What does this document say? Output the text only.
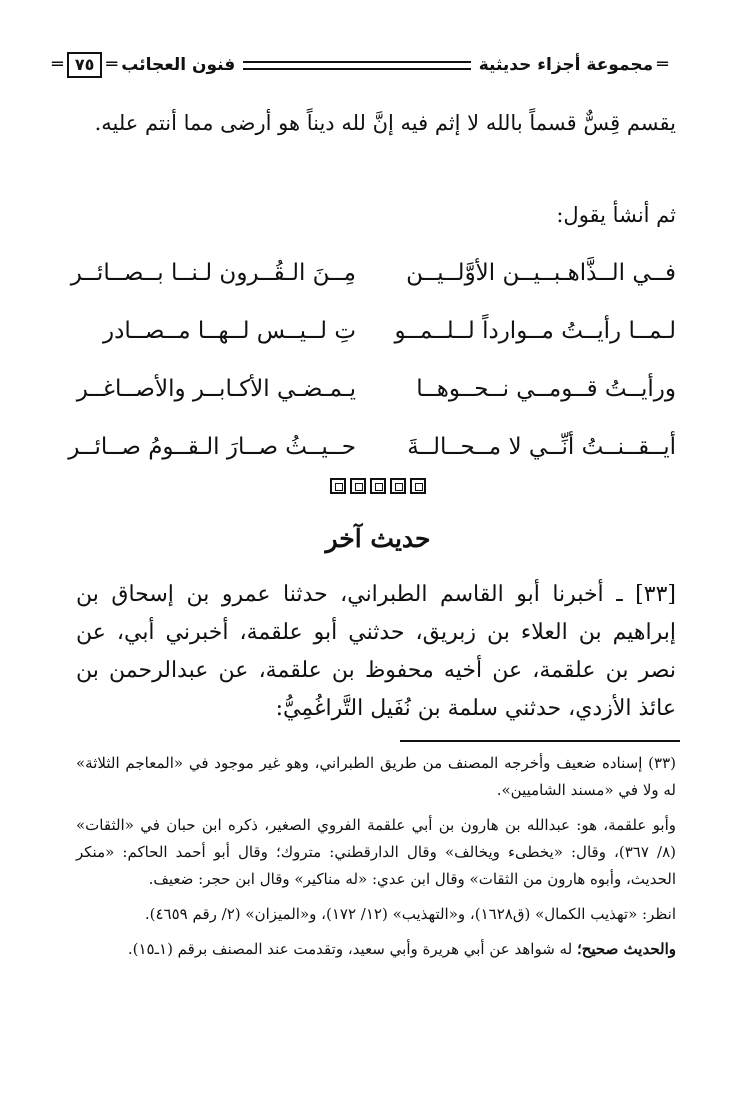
═
مجموعة أجزاء حديثية
فنون العجائب
═
٧٥
═
يقسم قِسٌّ قسماً بالله لا إثم فيه إنَّ لله ديناً هو أرضى مما أنتم عليه.
ثم أنشأ يقول:
فــي الــذَّاهـبــيــن الأوَّلــيــن
مِــنَ الـقُــرون لـنــا بــصــائــر
لـمــا رأيــتُ مــوارداً لــلــمــو
تِ لــيــس لــهــا مــصــادر
ورأيــتُ قــومــي نــحــوهــا
يـمـضـي الأكـابــر والأصــاغــر
أيــقــنــتُ أنِّــي لا مــحــالــةَ
حــيــثُ صــارَ الـقــومُ صــائــر
حديث آخر
[٣٣] ـ أخبرنا أبو القاسم الطبراني، حدثنا عمرو بن إسحاق بن إبراهيم بن العلاء بن زبريق، حدثني أبو علقمة، أخبرني أبي، عن نصر بن علقمة، عن أخيه محفوظ بن علقمة، عن عبدالرحمن بن عائذ الأزدي، حدثني سلمة بن نُفَيل التَّراغُمِيُّ:

(٣٣) إسناده ضعيف وأخرجه المصنف من طريق الطبراني، وهو غير موجود في «المعاجم الثلاثة» له ولا في «مسند الشاميين».

وأبو علقمة، هو: عبدالله بن هارون بن أبي علقمة الفروي الصغير، ذكره ابن حبان في «الثقات» (٨/ ٣٦٧)، وقال: «يخطىء ويخالف» وقال الدارقطني: متروك؛ وقال أبو أحمد الحاكم: «منكر الحديث، وأبوه هارون من الثقات» وقال ابن عدي: «له مناكير» وقال ابن حجر: ضعيف.

انظر: «تهذيب الكمال» (ق١٦٢٨)، و«التهذيب» (١٢/ ١٧٢)، و«الميزان» (٢/ رقم ٤٦٥٩).

والحديث صحيح؛ له شواهد عن أبي هريرة وأبي سعيد، وتقدمت عند المصنف برقم (١ـ١٥).
